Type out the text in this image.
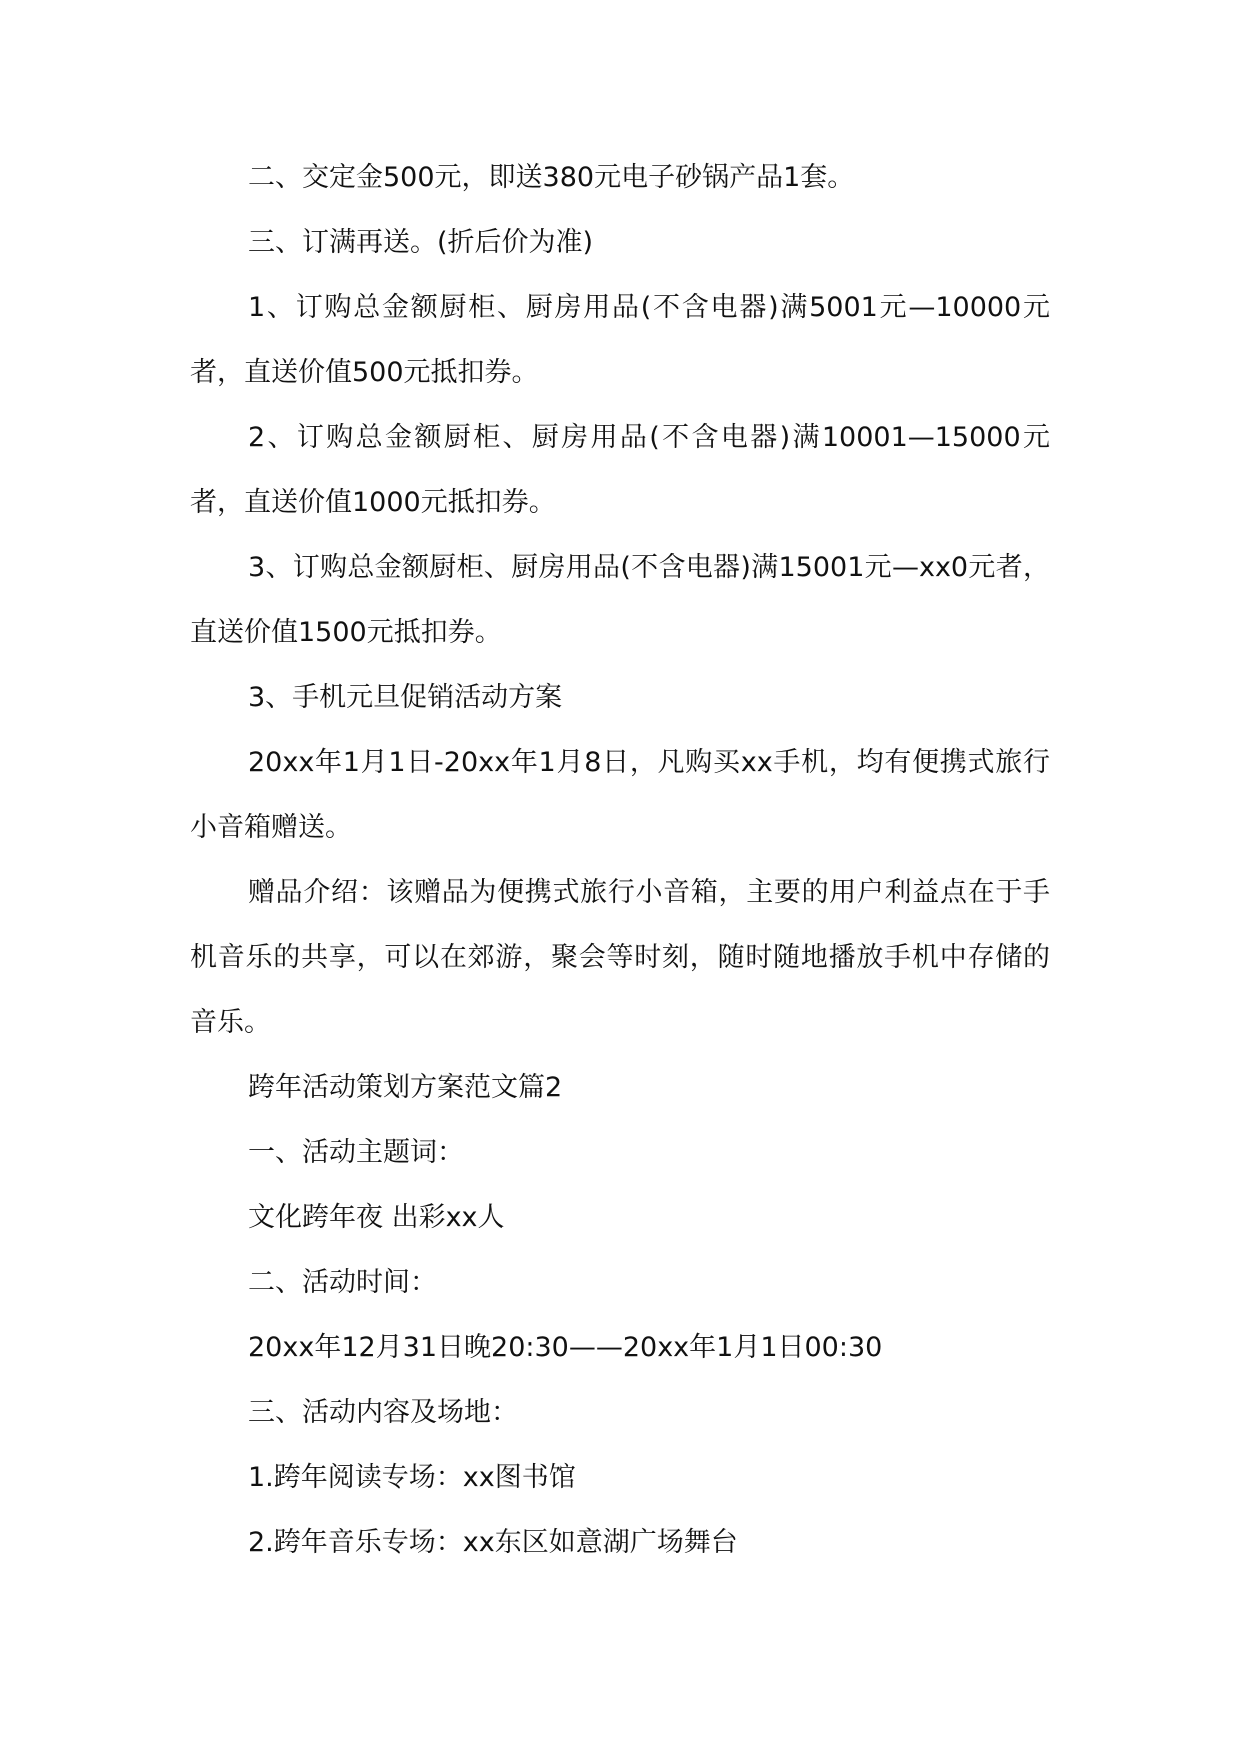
二、交定金500元，即送380元电子砂锅产品1套。

三、订满再送。(折后价为准)

1、订购总金额厨柜、厨房用品(不含电器)满5001元—10000元者，直送价值500元抵扣券。

2、订购总金额厨柜、厨房用品(不含电器)满10001—15000元者，直送价值1000元抵扣券。

3、订购总金额厨柜、厨房用品(不含电器)满15001元—xx0元者，直送价值1500元抵扣券。

3、手机元旦促销活动方案

20xx年1月1日-20xx年1月8日，凡购买xx手机，均有便携式旅行小音箱赠送。

赠品介绍：该赠品为便携式旅行小音箱，主要的用户利益点在于手机音乐的共享，可以在郊游，聚会等时刻，随时随地播放手机中存储的音乐。

跨年活动策划方案范文篇2

一、活动主题词：

文化跨年夜 出彩xx人

二、活动时间：

20xx年12月31日晚20:30——20xx年1月1日00:30

三、活动内容及场地：

1.跨年阅读专场：xx图书馆

2.跨年音乐专场：xx东区如意湖广场舞台
